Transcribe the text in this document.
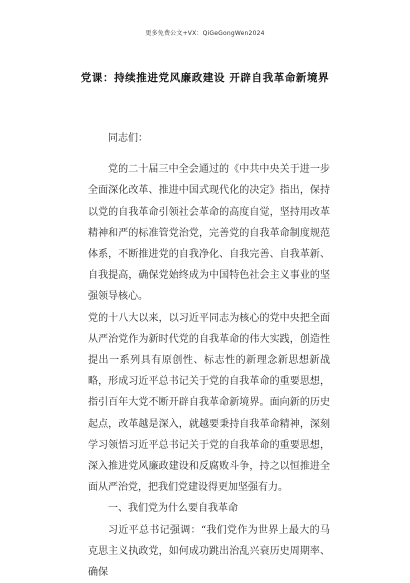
更多免费公文+VX：QiGeGongWen2024
党课：持续推进党风廉政建设 开辟自我革命新境界

同志们：

党的二十届三中全会通过的《中共中央关于进一步全面深化改革、推进中国式现代化的决定》指出，保持以党的自我革命引领社会革命的高度自觉，坚持用改革精神和严的标准管党治党，完善党的自我革命制度规范体系，不断推进党的自我净化、自我完善、自我革新、自我提高，确保党始终成为中国特色社会主义事业的坚强领导核心。

党的十八大以来，以习近平同志为核心的党中央把全面从严治党作为新时代党的自我革命的伟大实践，创造性提出一系列具有原创性、标志性的新理念新思想新战略，形成习近平总书记关于党的自我革命的重要思想，指引百年大党不断开辟自我革命新境界。面向新的历史起点，改革越是深入，就越要秉持自我革命精神，深刻学习领悟习近平总书记关于党的自我革命的重要思想，深入推进党风廉政建设和反腐败斗争，持之以恒推进全面从严治党，把我们党建设得更加坚强有力。

一、我们党为什么要自我革命

习近平总书记强调：“我们党作为世界上最大的马克思主义执政党，如何成功跳出治乱兴衰历史周期率、确保
